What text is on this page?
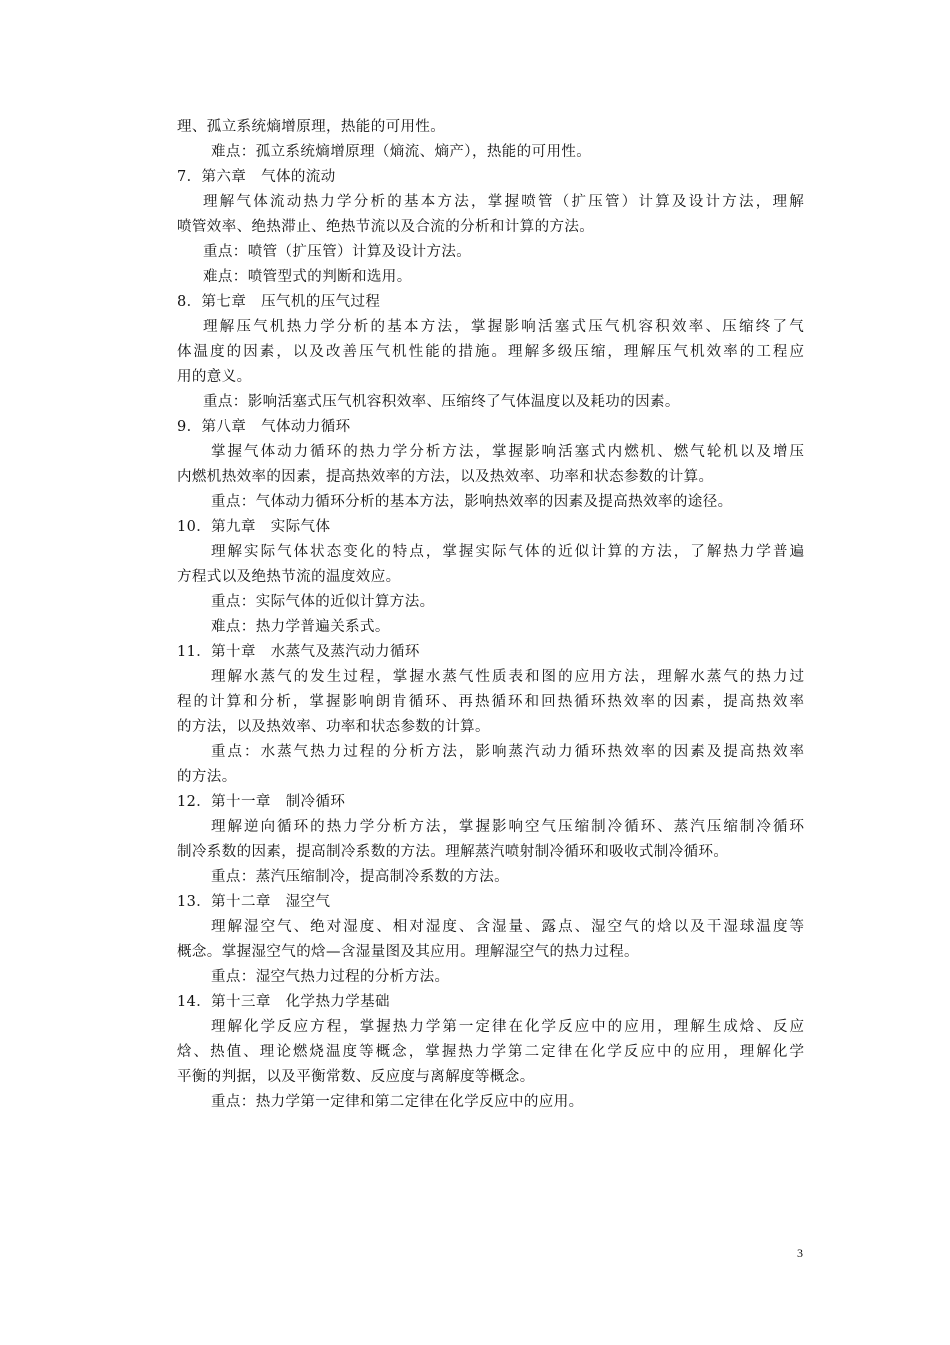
理、孤立系统熵增原理，热能的可用性。
难点：孤立系统熵增原理（熵流、熵产），热能的可用性。
7．第六章　气体的流动
理解气体流动热力学分析的基本方法，掌握喷管（扩压管）计算及设计方法，理解
喷管效率、绝热滞止、绝热节流以及合流的分析和计算的方法。
重点：喷管（扩压管）计算及设计方法。
难点：喷管型式的判断和选用。
8．第七章　压气机的压气过程
理解压气机热力学分析的基本方法，掌握影响活塞式压气机容积效率、压缩终了气
体温度的因素，以及改善压气机性能的措施。理解多级压缩，理解压气机效率的工程应
用的意义。
重点：影响活塞式压气机容积效率、压缩终了气体温度以及耗功的因素。
9．第八章　气体动力循环
掌握气体动力循环的热力学分析方法，掌握影响活塞式内燃机、燃气轮机以及增压
内燃机热效率的因素，提高热效率的方法，以及热效率、功率和状态参数的计算。
重点：气体动力循环分析的基本方法，影响热效率的因素及提高热效率的途径。
10．第九章　实际气体
理解实际气体状态变化的特点，掌握实际气体的近似计算的方法，了解热力学普遍
方程式以及绝热节流的温度效应。
重点：实际气体的近似计算方法。
难点：热力学普遍关系式。
11．第十章　水蒸气及蒸汽动力循环
理解水蒸气的发生过程，掌握水蒸气性质表和图的应用方法，理解水蒸气的热力过
程的计算和分析，掌握影响朗肯循环、再热循环和回热循环热效率的因素，提高热效率
的方法，以及热效率、功率和状态参数的计算。
重点：水蒸气热力过程的分析方法，影响蒸汽动力循环热效率的因素及提高热效率
的方法。
12．第十一章　制冷循环
理解逆向循环的热力学分析方法，掌握影响空气压缩制冷循环、蒸汽压缩制冷循环
制冷系数的因素，提高制冷系数的方法。理解蒸汽喷射制冷循环和吸收式制冷循环。
重点：蒸汽压缩制冷，提高制冷系数的方法。
13．第十二章　湿空气
理解湿空气、绝对湿度、相对湿度、含湿量、露点、湿空气的焓以及干湿球温度等
概念。掌握湿空气的焓—含湿量图及其应用。理解湿空气的热力过程。
重点：湿空气热力过程的分析方法。
14．第十三章　化学热力学基础
理解化学反应方程，掌握热力学第一定律在化学反应中的应用，理解生成焓、反应
焓、热值、理论燃烧温度等概念，掌握热力学第二定律在化学反应中的应用，理解化学
平衡的判据，以及平衡常数、反应度与离解度等概念。
重点：热力学第一定律和第二定律在化学反应中的应用。
3
